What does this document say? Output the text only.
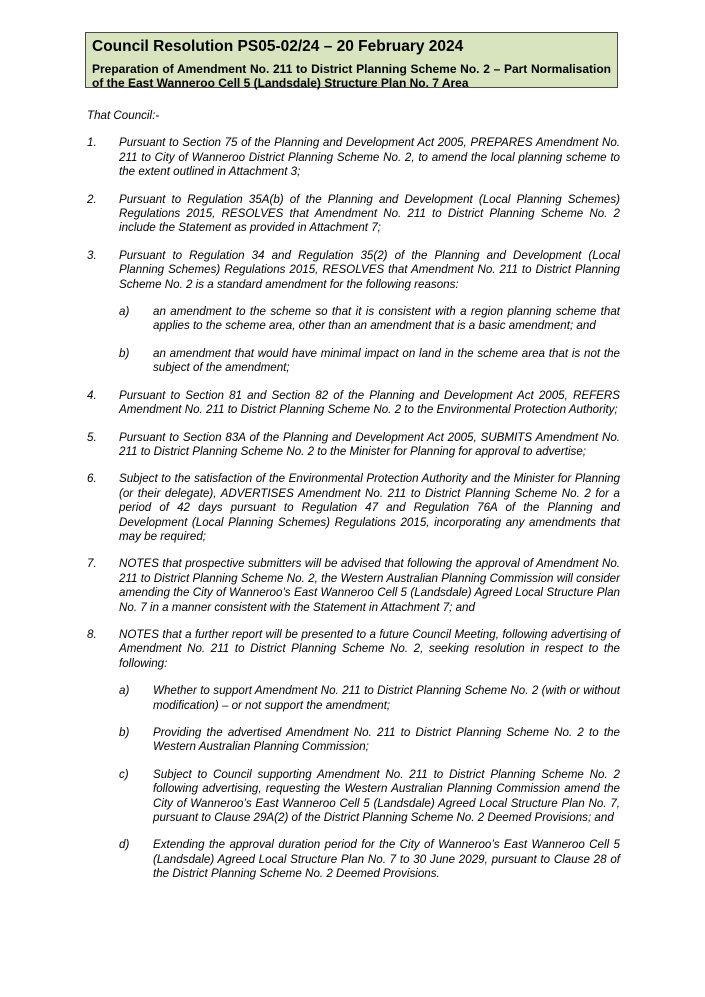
Council Resolution PS05-02/24 – 20 February 2024
Preparation of Amendment No. 211 to District Planning Scheme No. 2 – Part Normalisation of the East Wanneroo Cell 5 (Landsdale) Structure Plan No. 7 Area

That Council:-

1.	Pursuant to Section 75 of the Planning and Development Act 2005, PREPARES Amendment No. 211 to City of Wanneroo District Planning Scheme No. 2, to amend the local planning scheme to the extent outlined in Attachment 3;
2.	Pursuant to Regulation 35A(b) of the Planning and Development (Local Planning Schemes) Regulations 2015, RESOLVES that Amendment No. 211 to District Planning Scheme No. 2 include the Statement as provided in Attachment 7;
3.	Pursuant to Regulation 34 and Regulation 35(2) of the Planning and Development (Local Planning Schemes) Regulations 2015, RESOLVES that Amendment No. 211 to District Planning Scheme No. 2 is a standard amendment for the following reasons:
a)	an amendment to the scheme so that it is consistent with a region planning scheme that applies to the scheme area, other than an amendment that is a basic amendment; and
b)	an amendment that would have minimal impact on land in the scheme area that is not the subject of the amendment;
4.	Pursuant to Section 81 and Section 82 of the Planning and Development Act 2005, REFERS Amendment No. 211 to District Planning Scheme No. 2 to the Environmental Protection Authority;
5.	Pursuant to Section 83A of the Planning and Development Act 2005, SUBMITS Amendment No. 211 to District Planning Scheme No. 2 to the Minister for Planning for approval to advertise;
6.	Subject to the satisfaction of the Environmental Protection Authority and the Minister for Planning (or their delegate), ADVERTISES Amendment No. 211 to District Planning Scheme No. 2 for a period of 42 days pursuant to Regulation 47 and Regulation 76A of the Planning and Development (Local Planning Schemes) Regulations 2015, incorporating any amendments that may be required;
7.	NOTES that prospective submitters will be advised that following the approval of Amendment No. 211 to District Planning Scheme No. 2, the Western Australian Planning Commission will consider amending the City of Wanneroo’s East Wanneroo Cell 5 (Landsdale) Agreed Local Structure Plan No. 7 in a manner consistent with the Statement in Attachment 7; and
8.	NOTES that a further report will be presented to a future Council Meeting, following advertising of Amendment No. 211 to District Planning Scheme No. 2, seeking resolution in respect to the following:
a)	Whether to support Amendment No. 211 to District Planning Scheme No. 2 (with or without modification) – or not support the amendment;
b)	Providing the advertised Amendment No. 211 to District Planning Scheme No. 2 to the Western Australian Planning Commission;
c)	Subject to Council supporting Amendment No. 211 to District Planning Scheme No. 2 following advertising, requesting the Western Australian Planning Commission amend the City of Wanneroo’s East Wanneroo Cell 5 (Landsdale) Agreed Local Structure Plan No. 7, pursuant to Clause 29A(2) of the District Planning Scheme No. 2 Deemed Provisions; and
d)	Extending the approval duration period for the City of Wanneroo’s East Wanneroo Cell 5 (Landsdale) Agreed Local Structure Plan No. 7 to 30 June 2029, pursuant to Clause 28 of the District Planning Scheme No. 2 Deemed Provisions.
